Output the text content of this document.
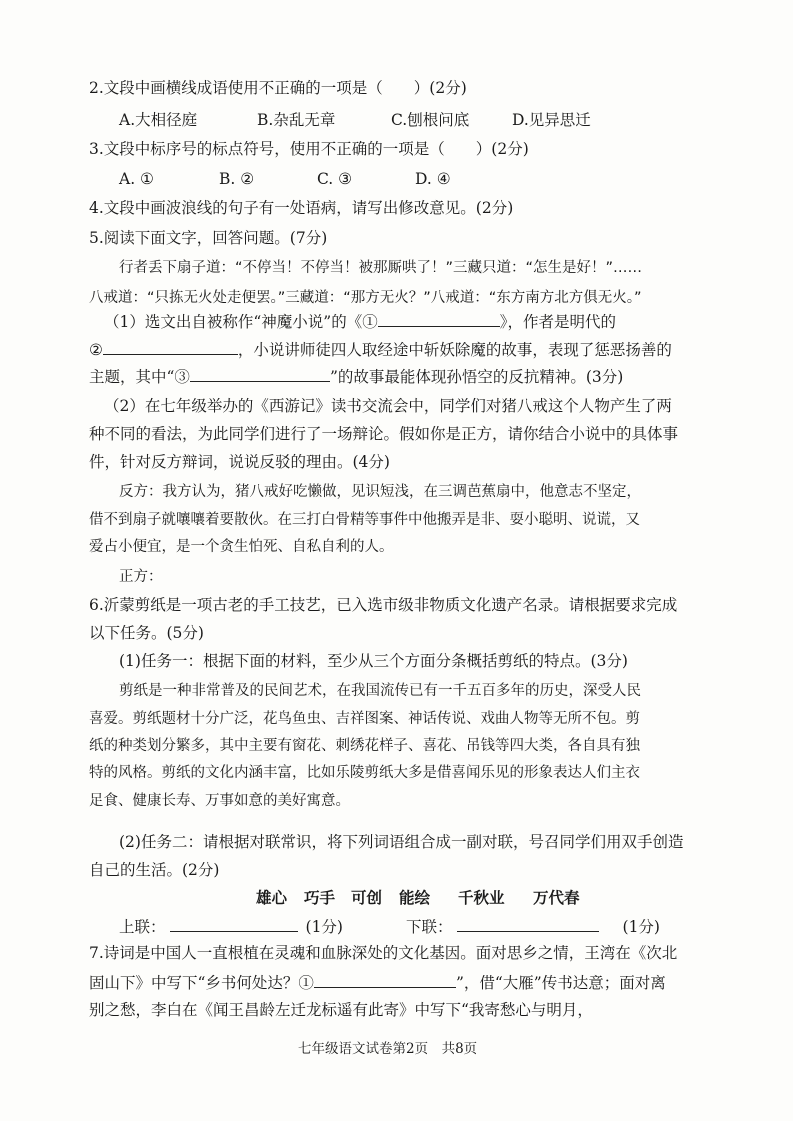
2.文段中画横线成语使用不正确的一项是（　　）(2分)
A.大相径庭	B.杂乱无章	C.刨根问底	D.见异思迁
3.文段中标序号的标点符号，使用不正确的一项是（　　）(2分)
A. ①	B. ②	C. ③	D. ④
4.文段中画波浪线的句子有一处语病，请写出修改意见。(2分)
5.阅读下面文字，回答问题。(7分)
行者丢下扇子道：“不停当！不停当！被那厮哄了！”三藏只道：“怎生是好！”……
八戒道：“只拣无火处走便罢。”三藏道：“那方无火？”八戒道：“东方南方北方俱无火。”
（1）选文出自被称作“神魔小说”的《①	》，作者是明代的
②	，小说讲师徒四人取经途中斩妖除魔的故事，表现了惩恶扬善的
主题，其中“③	”的故事最能体现孙悟空的反抗精神。(3分)
（2）在七年级举办的《西游记》读书交流会中，同学们对猪八戒这个人物产生了两
种不同的看法，为此同学们进行了一场辩论。假如你是正方，请你结合小说中的具体事
件，针对反方辩词，说说反驳的理由。(4分)
反方：我方认为，猪八戒好吃懒做，见识短浅，在三调芭蕉扇中，他意志不坚定，
借不到扇子就嚷嚷着要散伙。在三打白骨精等事件中他搬弄是非、耍小聪明、说谎，又
爱占小便宜，是一个贪生怕死、自私自利的人。
正方：
6.沂蒙剪纸是一项古老的手工技艺，已入选市级非物质文化遗产名录。请根据要求完成
以下任务。(5分)
(1)任务一：根据下面的材料，至少从三个方面分条概括剪纸的特点。(3分)
剪纸是一种非常普及的民间艺术，在我国流传已有一千五百多年的历史，深受人民
喜爱。剪纸题材十分广泛，花鸟鱼虫、吉祥图案、神话传说、戏曲人物等无所不包。剪
纸的种类划分繁多，其中主要有窗花、刺绣花样子、喜花、吊钱等四大类，各自具有独
特的风格。剪纸的文化内涵丰富，比如乐陵剪纸大多是借喜闻乐见的形象表达人们主衣
足食、健康长寿、万事如意的美好寓意。
(2)任务二：请根据对联常识，将下列词语组合成一副对联，号召同学们用双手创造
自己的生活。(2分)
雄心 巧手 可创 能绘 千秋业 万代春
上联：	(1分)	下联：	(1分)
7.诗词是中国人一直根植在灵魂和血脉深处的文化基因。面对思乡之情，王湾在《次北
固山下》中写下“乡书何处达？①	”，借“大雁”传书达意；面对离
别之愁，李白在《闻王昌龄左迁龙标遥有此寄》中写下“我寄愁心与明月，
七年级语文试卷第2页　共8页
